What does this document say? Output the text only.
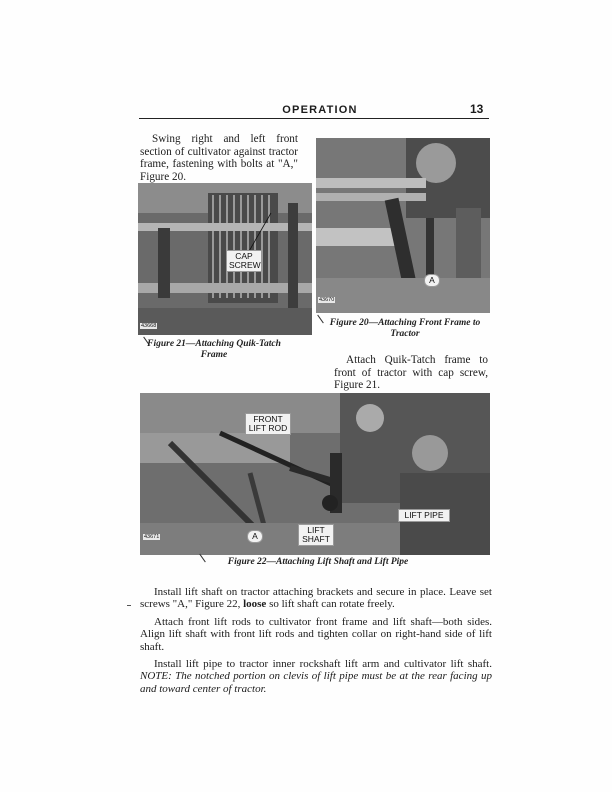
OPERATION	13
Swing right and left front section of cultivator against tractor frame, fastening with bolts at "A," Figure 20.
CAP SCREW
43668
Figure 21—Attaching Quik-Tatch Frame
A
43670
Figure 20—Attaching Front Frame to Tractor
Attach Quik-Tatch frame to front of tractor with cap screw, Figure 21.
FRONT LIFT ROD
LIFT PIPE
LIFT SHAFT
A
43671
Figure 22—Attaching Lift Shaft and Lift Pipe

Install lift shaft on tractor attaching brackets and secure in place. Leave set screws "A," Figure 22, loose so lift shaft can rotate freely.

Attach front lift rods to cultivator front frame and lift shaft—both sides. Align lift shaft with front lift rods and tighten collar on right-hand side of lift shaft.

Install lift pipe to tractor inner rockshaft lift arm and cultivator lift shaft. NOTE: The notched portion on clevis of lift pipe must be at the rear facing up and toward center of tractor.
